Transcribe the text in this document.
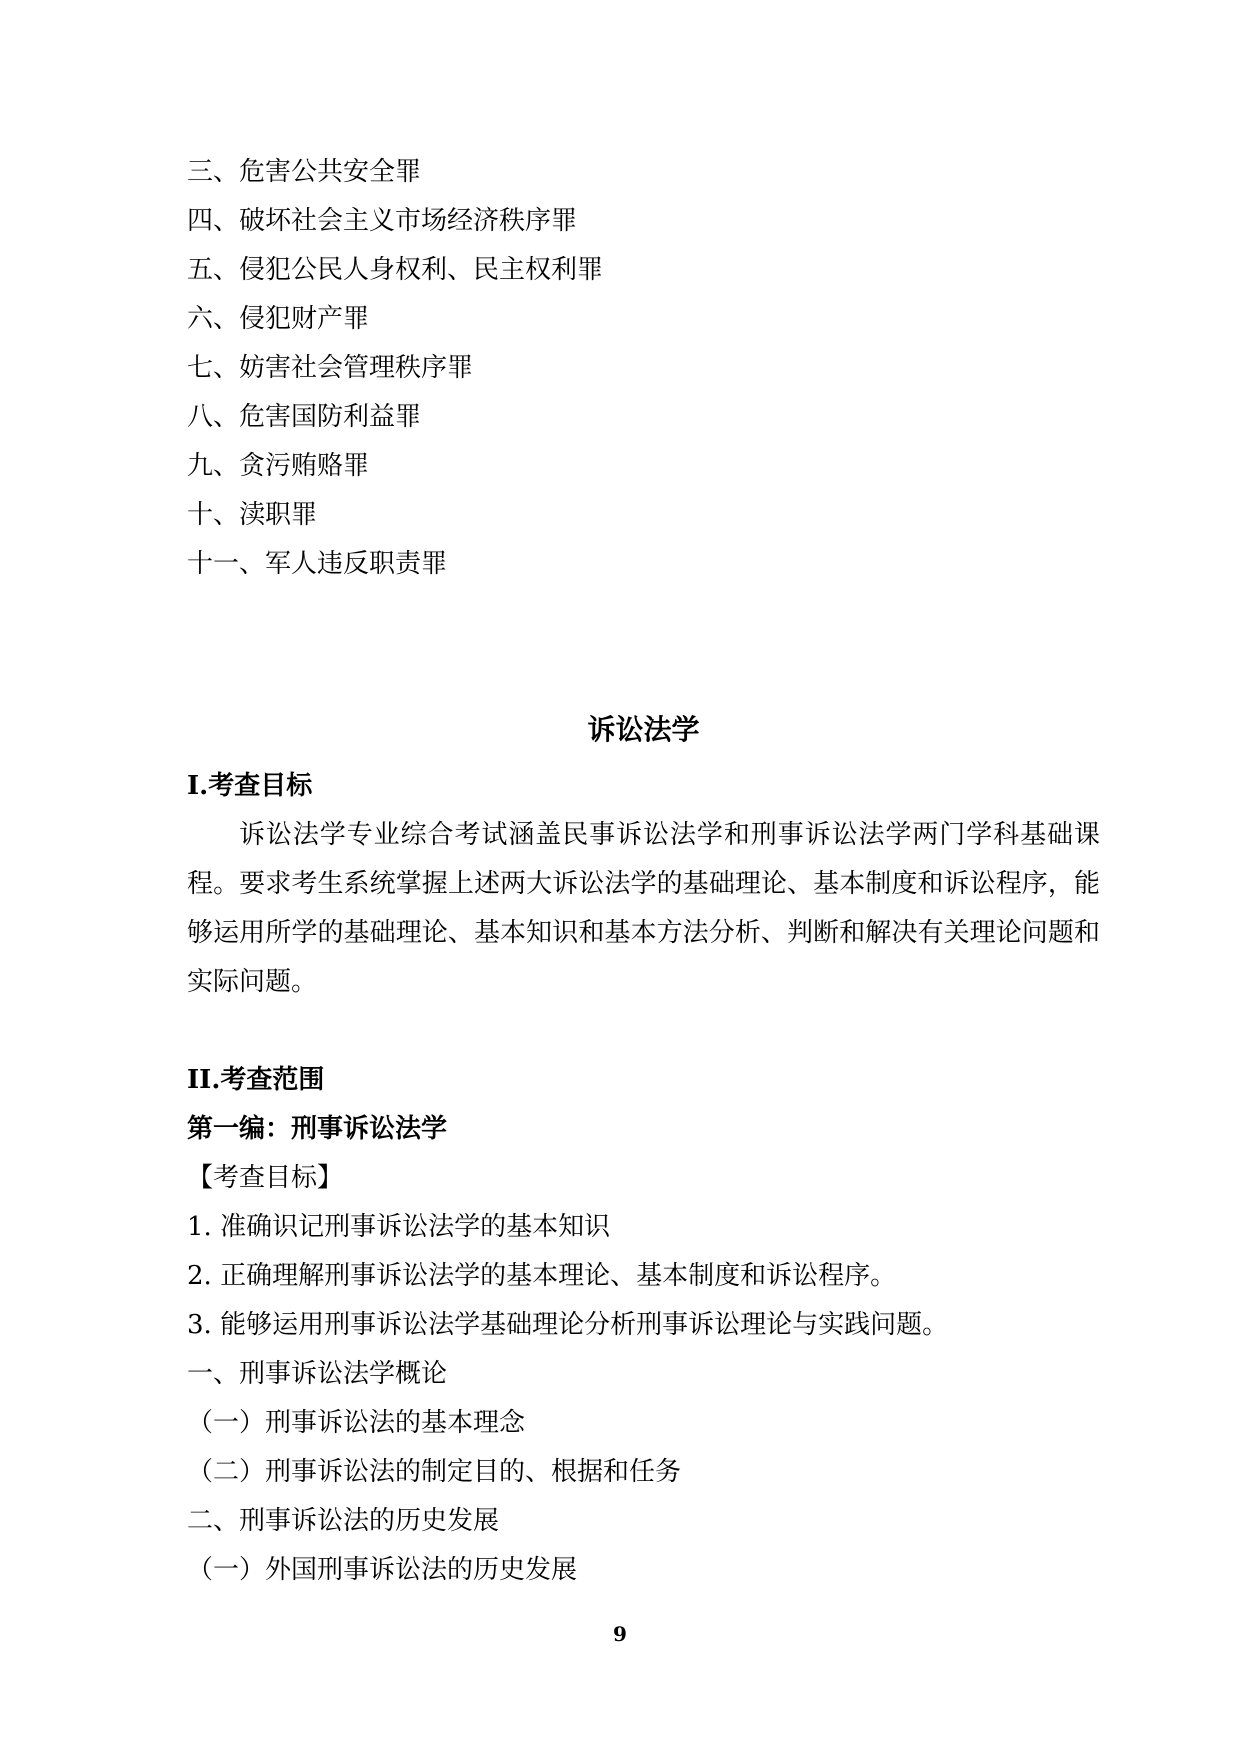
三、危害公共安全罪
四、破坏社会主义市场经济秩序罪
五、侵犯公民人身权利、民主权利罪
六、侵犯财产罪
七、妨害社会管理秩序罪
八、危害国防利益罪
九、贪污贿赂罪
十、渎职罪
十一、军人违反职责罪
诉讼法学
I.考查目标
诉讼法学专业综合考试涵盖民事诉讼法学和刑事诉讼法学两门学科基础课
程。要求考生系统掌握上述两大诉讼法学的基础理论、基本制度和诉讼程序，能
够运用所学的基础理论、基本知识和基本方法分析、判断和解决有关理论问题和
实际问题。
II.考查范围
第一编：刑事诉讼法学
【考查目标】
1. 准确识记刑事诉讼法学的基本知识
2. 正确理解刑事诉讼法学的基本理论、基本制度和诉讼程序。
3. 能够运用刑事诉讼法学基础理论分析刑事诉讼理论与实践问题。
一、刑事诉讼法学概论
（一）刑事诉讼法的基本理念
（二）刑事诉讼法的制定目的、根据和任务
二、刑事诉讼法的历史发展
（一）外国刑事诉讼法的历史发展
9
